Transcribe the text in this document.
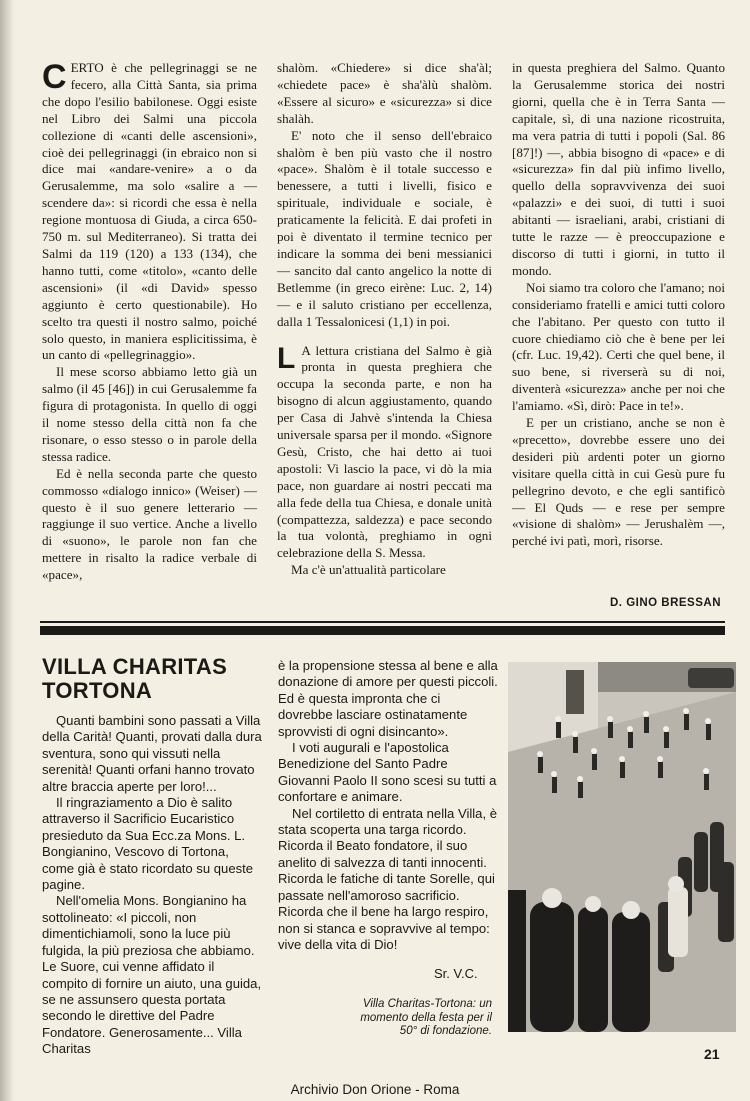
CERTO è che pellegrinaggi se ne fecero, alla Città Santa, sia prima che dopo l'esilio babilonese. Oggi esiste nel Libro dei Salmi una piccola collezione di «canti delle ascensioni», cioè dei pellegrinaggi (in ebraico non si dice mai «andare-venire» a o da Gerusalemme, ma solo «salire a — scendere da»: si ricordi che essa è nella regione montuosa di Giuda, a circa 650-750 m. sul Mediterraneo). Si tratta dei Salmi da 119 (120) a 133 (134), che hanno tutti, come «titolo», «canto delle ascensioni» (il «di David» spesso aggiunto è certo questionabile). Ho scelto tra questi il nostro salmo, poiché solo questo, in maniera esplicitissima, è un canto di «pellegrinaggio».

Il mese scorso abbiamo letto già un salmo (il 45 [46]) in cui Gerusalemme fa figura di protagonista. In quello di oggi il nome stesso della città non fa che risonare, o esso stesso o in parole della stessa radice.

Ed è nella seconda parte che questo commosso «dialogo innico» (Weiser) — questo è il suo genere letterario — raggiunge il suo vertice. Anche a livello di «suono», le parole non fan che mettere in risalto la radice verbale di «pace»,

shalòm. «Chiedere» si dice sha'àl; «chiedete pace» è sha'àlù shalòm. «Essere al sicuro» e «sicurezza» si dice shalàh.

E' noto che il senso dell'ebraico shalòm è ben più vasto che il nostro «pace». Shalòm è il totale successo e benessere, a tutti i livelli, fisico e spirituale, individuale e sociale, è praticamente la felicità. E dai profeti in poi è diventato il termine tecnico per indicare la somma dei beni messianici — sancito dal canto angelico la notte di Betlemme (in greco eirène: Luc. 2, 14) — e il saluto cristiano per eccellenza, dalla 1 Tessalonicesi (1,1) in poi.

L A lettura cristiana del Salmo è già pronta in questa preghiera che occupa la seconda parte, e non ha bisogno di alcun aggiustamento, quando per Casa di Jahvè s'intenda la Chiesa universale sparsa per il mondo. «Signore Gesù, Cristo, che hai detto ai tuoi apostoli: Vi lascio la pace, vi dò la mia pace, non guardare ai nostri peccati ma alla fede della tua Chiesa, e donale unità (compattezza, saldezza) e pace secondo la tua volontà, preghiamo in ogni celebrazione della S. Messa.

Ma c'è un'attualità particolare

in questa preghiera del Salmo. Quanto la Gerusalemme storica dei nostri giorni, quella che è in Terra Santa — capitale, sì, di una nazione ricostruita, ma vera patria di tutti i popoli (Sal. 86 [87]!) —, abbia bisogno di «pace» e di «sicurezza» fin dal più infimo livello, quello della sopravvivenza dei suoi «palazzi» e dei suoi, di tutti i suoi abitanti — israeliani, arabi, cristiani di tutte le razze — è preoccupazione e discorso di tutti i giorni, in tutto il mondo.

Noi siamo tra coloro che l'amano; noi consideriamo fratelli e amici tutti coloro che l'abitano. Per questo con tutto il cuore chiediamo ciò che è bene per lei (cfr. Luc. 19,42). Certi che quel bene, il suo bene, si riverserà su di noi, diventerà «sicurezza» anche per noi che l'amiamo. «Sì, dirò: Pace in te!».

E per un cristiano, anche se non è «precetto», dovrebbe essere uno dei desideri più ardenti poter un giorno visitare quella città in cui Gesù pure fu pellegrino devoto, e che egli santificò — El Quds — e rese per sempre «visione di shalòm» — Jerushalèm —, perché ivi patì, morì, risorse.

D. GINO BRESSAN
VILLA CHARITAS TORTONA

Quanti bambini sono passati a Villa della Carità! Quanti, provati dalla dura sventura, sono qui vissuti nella serenità! Quanti orfani hanno trovato altre braccia aperte per loro!...

Il ringraziamento a Dio è salito attraverso il Sacrificio Eucaristico presieduto da Sua Ecc.za Mons. L. Bongianino, Vescovo di Tortona, come già è stato ricordato su queste pagine.

Nell'omelia Mons. Bongianino ha sottolineato: «I piccoli, non dimentichiamoli, sono la luce più fulgida, la più preziosa che abbiamo. Le Suore, cui venne affidato il compito di fornire un aiuto, una guida, se ne assunsero questa portata secondo le direttive del Padre Fondatore. Generosamente... Villa Charitas

è la propensione stessa al bene e alla donazione di amore per questi piccoli. Ed è questa impronta che ci dovrebbe lasciare ostinatamente sprovvisti di ogni disincanto».

I voti augurali e l'apostolica Benedizione del Santo Padre Giovanni Paolo II sono scesi su tutti a confortare e animare.

Nel cortiletto di entrata nella Villa, è stata scoperta una targa ricordo. Ricorda il Beato fondatore, il suo anelito di salvezza di tanti innocenti. Ricorda le fatiche di tante Sorelle, qui passate nell'amoroso sacrificio. Ricorda che il bene ha largo respiro, non si stanca e sopravvive al tempo: vive della vita di Dio!

Sr. V.C.
Villa Charitas-Tortona: un momento della festa per il 50° di fondazione.
21
Archivio Don Orione - Roma
